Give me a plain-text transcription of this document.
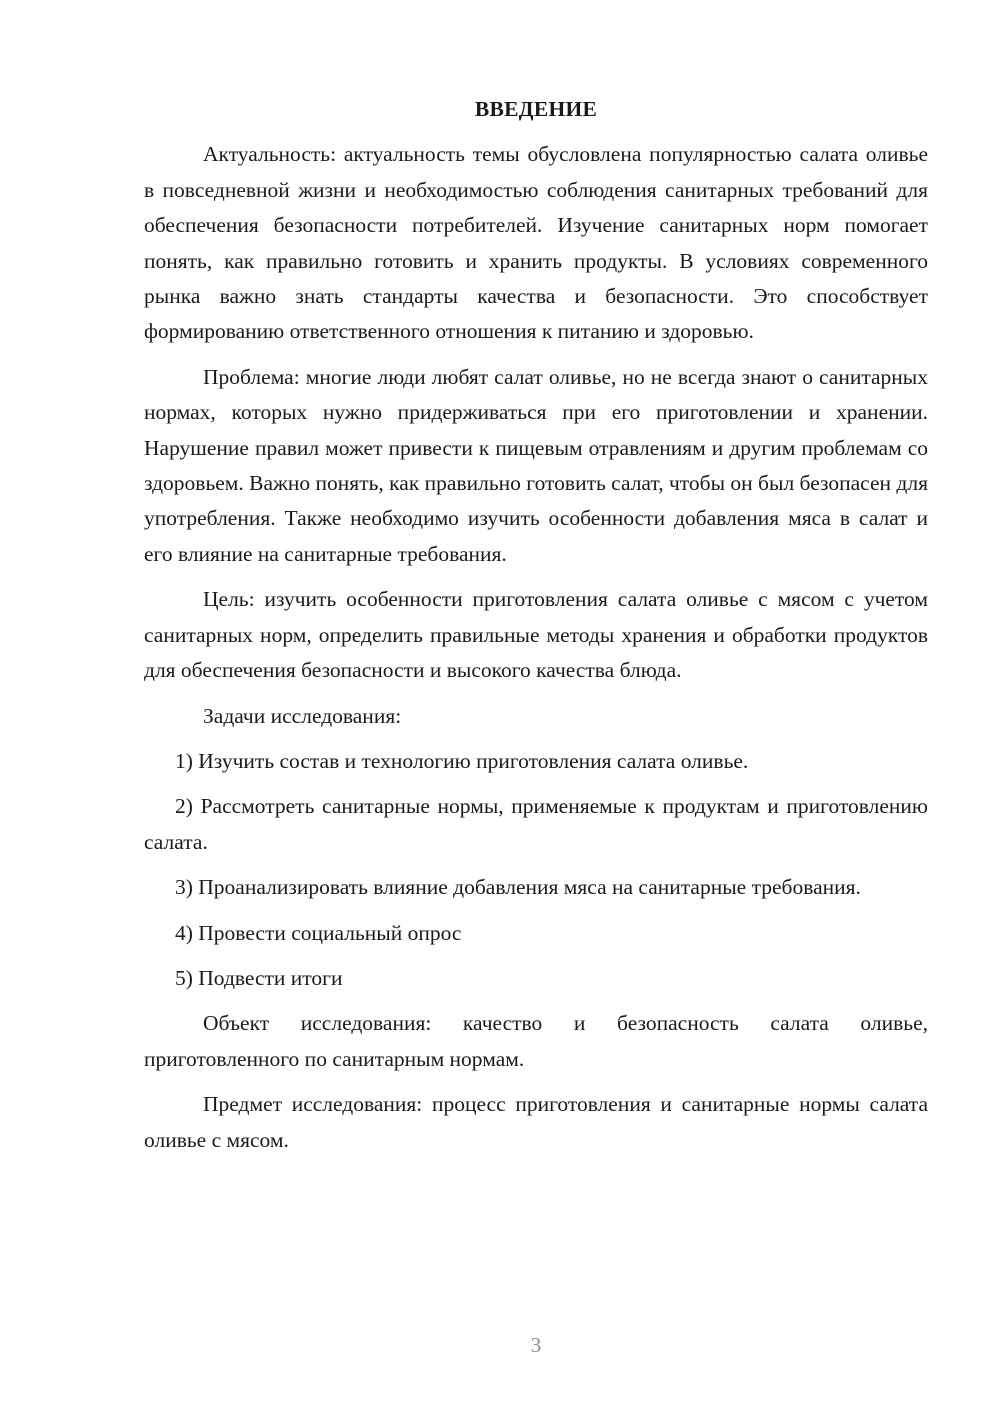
ВВЕДЕНИЕ

Актуальность: актуальность темы обусловлена популярностью салата оливье в повседневной жизни и необходимостью соблюдения санитарных требований для обеспечения безопасности потребителей. Изучение санитарных норм помогает понять, как правильно готовить и хранить продукты. В условиях современного рынка важно знать стандарты качества и безопасности. Это способствует формированию ответственного отношения к питанию и здоровью.

Проблема: многие люди любят салат оливье, но не всегда знают о санитарных нормах, которых нужно придерживаться при его приготовлении и хранении. Нарушение правил может привести к пищевым отравлениям и другим проблемам со здоровьем. Важно понять, как правильно готовить салат, чтобы он был безопасен для употребления. Также необходимо изучить особенности добавления мяса в салат и его влияние на санитарные требования.

Цель: изучить особенности приготовления салата оливье с мясом с учетом санитарных норм, определить правильные методы хранения и обработки продуктов для обеспечения безопасности и высокого качества блюда.

Задачи исследования:

1) Изучить состав и технологию приготовления салата оливье.

2) Рассмотреть санитарные нормы, применяемые к продуктам и приготовлению салата.

3) Проанализировать влияние добавления мяса на санитарные требования.

4) Провести социальный опрос

5) Подвести итоги

Объект исследования: качество и безопасность салата оливье, приготовленного по санитарным нормам.

Предмет исследования: процесс приготовления и санитарные нормы салата оливье с мясом.

3
